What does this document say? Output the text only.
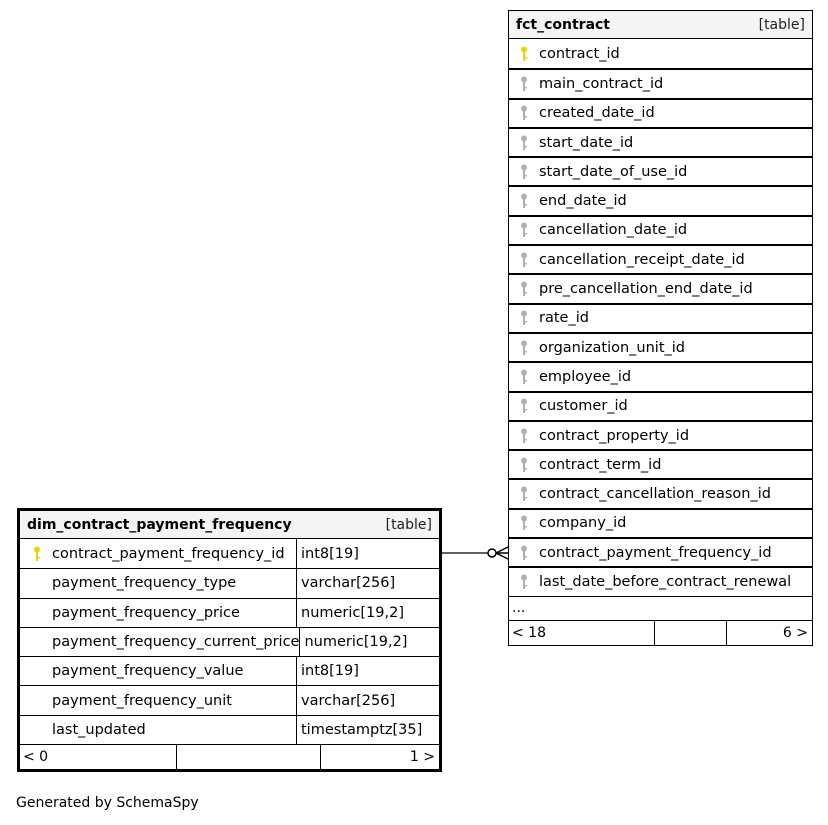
fct_contract	[table]
contract_id
main_contract_id
created_date_id
start_date_id
start_date_of_use_id
end_date_id
cancellation_date_id
cancellation_receipt_date_id
pre_cancellation_end_date_id
rate_id
organization_unit_id
employee_id
customer_id
contract_property_id
contract_term_id
contract_cancellation_reason_id
company_id
contract_payment_frequency_id
last_date_before_contract_renewal
...
< 18	6 >
dim_contract_payment_frequency	[table]
contract_payment_frequency_id int8[19]
payment_frequency_type	varchar[256]
payment_frequency_price	numeric[19,2]
payment_frequency_current_price numeric[19,2]
payment_frequency_value	int8[19]
payment_frequency_unit	varchar[256]
last_updated	timestamptz[35]
< 0	1 >
Generated by SchemaSpy
